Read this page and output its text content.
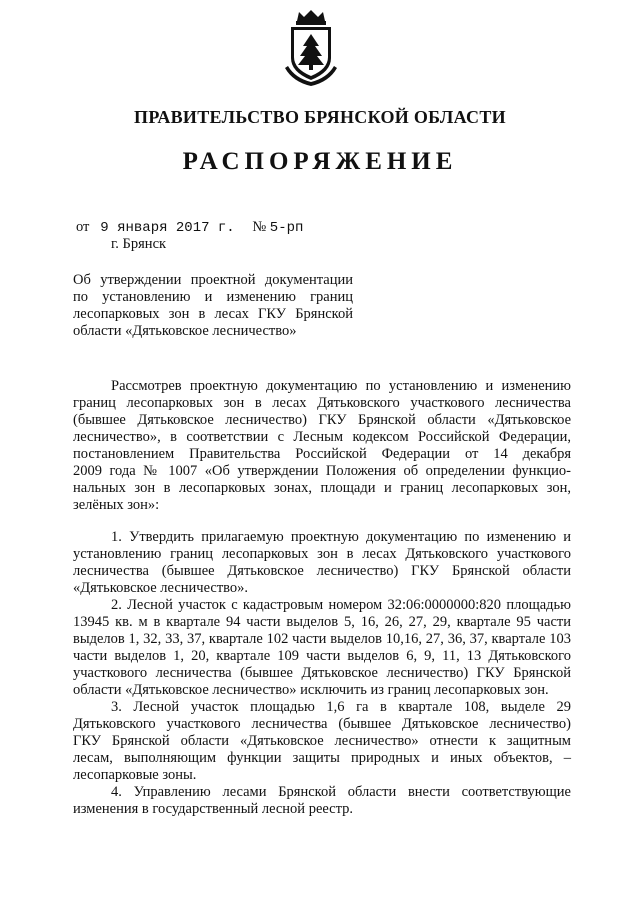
ПРАВИТЕЛЬСТВО БРЯНСКОЙ ОБЛАСТИ
РАСПОРЯЖЕНИЕ
от 9 января 2017 г. № 5-рп
г. Брянск
Об утверждении проектной документации
по установлению и изменению границ
лесопарковых зон в лесах ГКУ Брянской
области «Дятьковское лесничество»
Рассмотрев проектную документацию по установлению и изменению
границ лесопарковых зон в лесах Дятьковского участкового лесничества
(бывшее Дятьковское лесничество) ГКУ Брянской области «Дятьковское
лесничество», в соответствии с Лесным кодексом Российской Федерации,
постановлением Правительства Российской Федерации от 14 декабря
2009 года № 1007 «Об утверждении Положения об определении функцио-
нальных зон в лесопарковых зонах, площади и границ лесопарковых зон,
зелёных зон»:
1. Утвердить прилагаемую проектную документацию по изменению и
установлению границ лесопарковых зон в лесах Дятьковского участкового
лесничества (бывшее Дятьковское лесничество) ГКУ Брянской области
«Дятьковское лесничество».
2. Лесной участок с кадастровым номером 32:06:0000000:820 площадью
13945 кв. м в квартале 94 части выделов 5, 16, 26, 27, 29, квартале 95 части
выделов 1, 32, 33, 37, квартале 102 части выделов 10,16, 27, 36, 37, квартале 103
части выделов 1, 20, квартале 109 части выделов 6, 9, 11, 13 Дятьковского
участкового лесничества (бывшее Дятьковское лесничество) ГКУ Брянской
области «Дятьковское лесничество» исключить из границ лесопарковых зон.
3. Лесной участок площадью 1,6 га в квартале 108, выделе 29
Дятьковского участкового лесничества (бывшее Дятьковское лесничество)
ГКУ Брянской области «Дятьковское лесничество» отнести к защитным
лесам, выполняющим функции защиты природных и иных объектов, –
лесопарковые зоны.
4. Управлению лесами Брянской области внести соответствующие
изменения в государственный лесной реестр.
